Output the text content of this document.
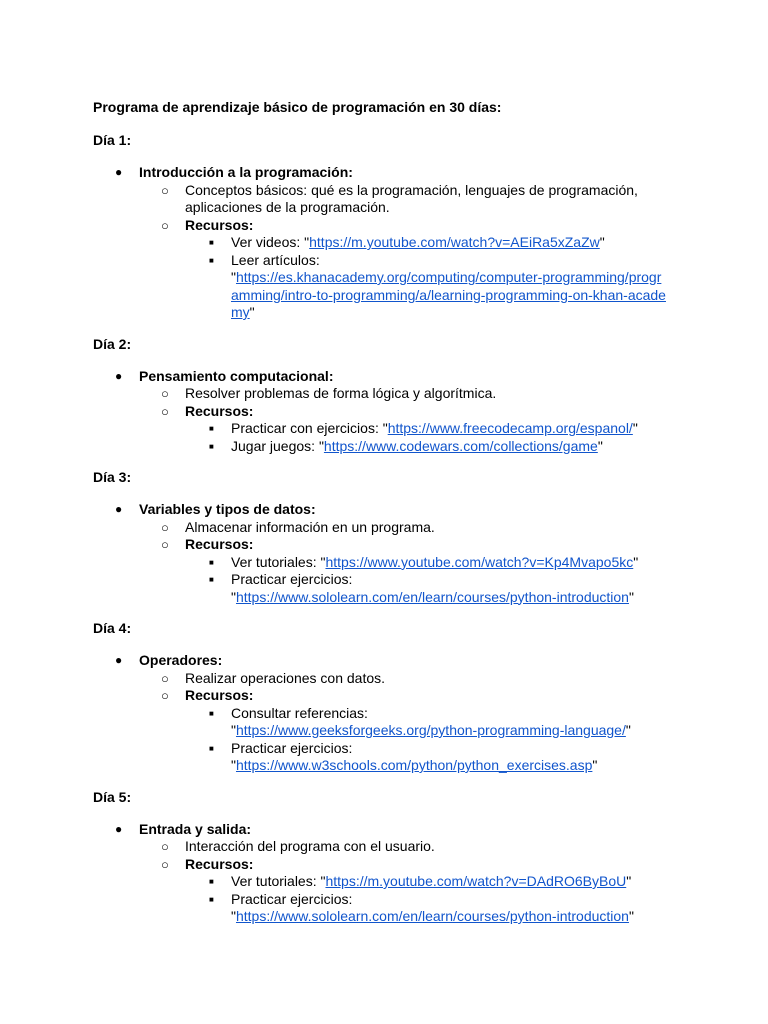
Programa de aprendizaje básico de programación en 30 días:
Día 1:
● Introducción a la programación:
○ Conceptos básicos: qué es la programación, lenguajes de programación, aplicaciones de la programación.
○ Recursos:
■ Ver videos: "https://m.youtube.com/watch?v=AEiRa5xZaZw"
■ Leer artículos:
"https://es.khanacademy.org/computing/computer-programming/progr
amming/intro-to-programming/a/learning-programming-on-khan-acade
my"
Día 2:
● Pensamiento computacional:
○ Resolver problemas de forma lógica y algorítmica.
○ Recursos:
■ Practicar con ejercicios: "https://www.freecodecamp.org/espanol/"
■ Jugar juegos: "https://www.codewars.com/collections/game"
Día 3:
● Variables y tipos de datos:
○ Almacenar información en un programa.
○ Recursos:
■ Ver tutoriales: "https://www.youtube.com/watch?v=Kp4Mvapo5kc"
■ Practicar ejercicios:
"https://www.sololearn.com/en/learn/courses/python-introduction"
Día 4:
● Operadores:
○ Realizar operaciones con datos.
○ Recursos:
■ Consultar referencias:
"https://www.geeksforgeeks.org/python-programming-language/"
■ Practicar ejercicios:
"https://www.w3schools.com/python/python_exercises.asp"
Día 5:
● Entrada y salida:
○ Interacción del programa con el usuario.
○ Recursos:
■ Ver tutoriales: "https://m.youtube.com/watch?v=DAdRO6ByBoU"
■ Practicar ejercicios:
"https://www.sololearn.com/en/learn/courses/python-introduction"
